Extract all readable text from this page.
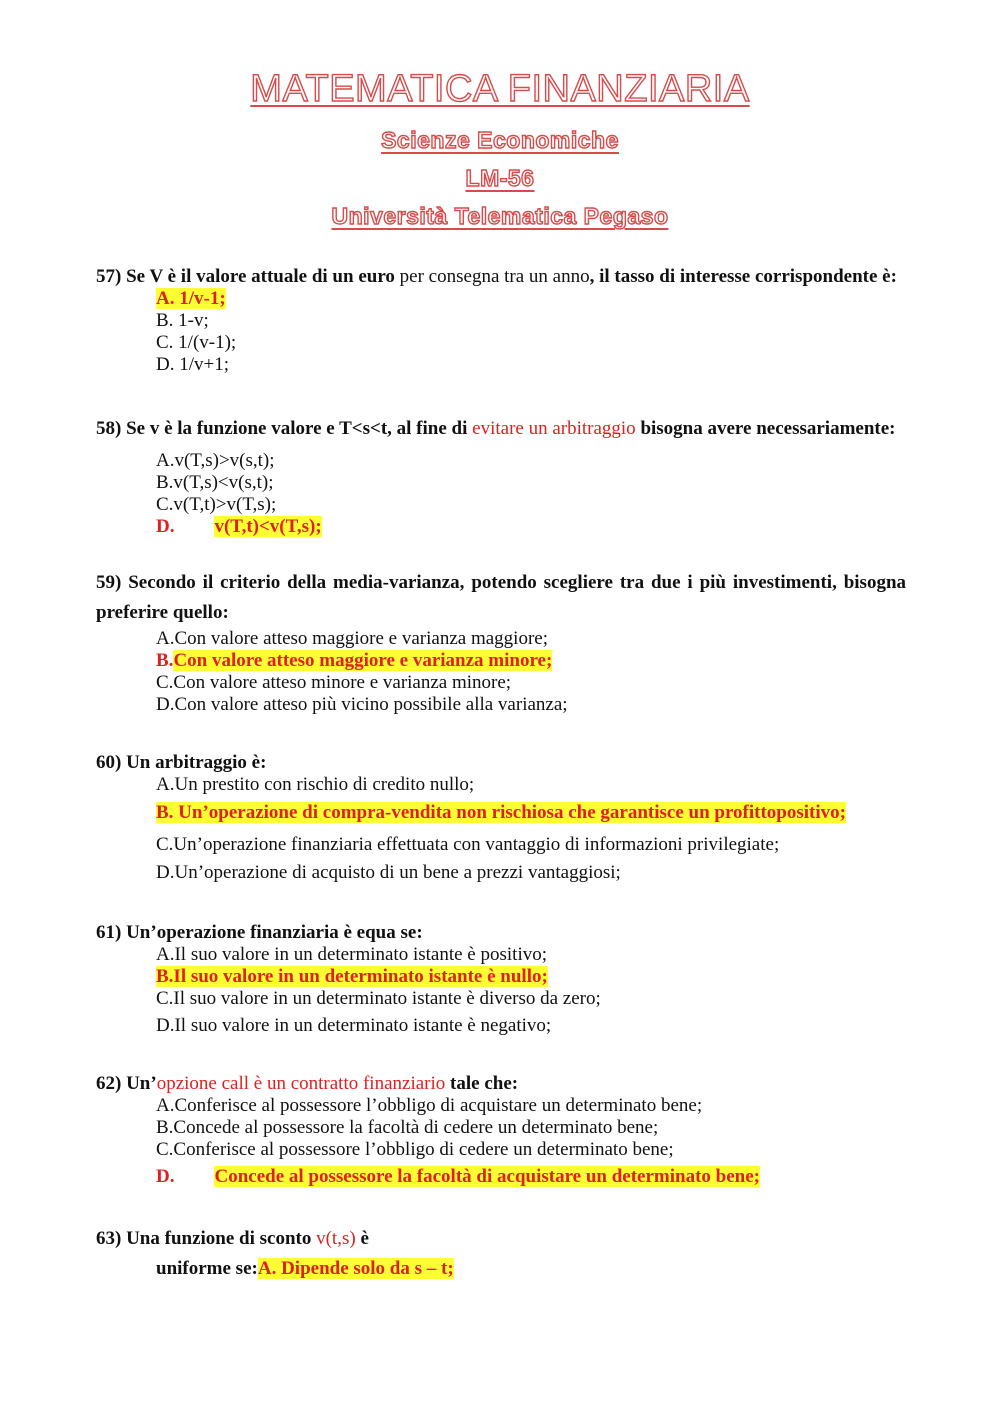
MATEMATICA FINANZIARIA
Scienze Economiche
LM-56
Università Telematica Pegaso
57) Se V è il valore attuale di un euro per consegna tra un anno, il tasso di interesse corrispondente è:
A. 1/v-1;
B. 1-v;
C. 1/(v-1);
D. 1/v+1;
58) Se v è la funzione valore e T<s<t, al fine di evitare un arbitraggio bisogna avere necessariamente:
A.v(T,s)>v(s,t);
B.v(T,s)<v(s,t);
C.v(T,t)>v(T,s);
D. v(T,t)<v(T,s);
59) Secondo il criterio della media-varianza, potendo scegliere tra due i più investimenti, bisogna preferire quello:
A.Con valore atteso maggiore e varianza maggiore;
B.Con valore atteso maggiore e varianza minore;
C.Con valore atteso minore e varianza minore;
D.Con valore atteso più vicino possibile alla varianza;
60) Un arbitraggio è:
A.Un prestito con rischio di credito nullo;
B. Un’operazione di compra-vendita non rischiosa che garantisce un profittopositivo;
C.Un’operazione finanziaria effettuata con vantaggio di informazioni privilegiate;
D.Un’operazione di acquisto di un bene a prezzi vantaggiosi;
61) Un’operazione finanziaria è equa se:
A.Il suo valore in un determinato istante è positivo;
B.Il suo valore in un determinato istante è nullo;
C.Il suo valore in un determinato istante è diverso da zero;
D.Il suo valore in un determinato istante è negativo;
62) Un’opzione call è un contratto finanziario tale che:
A.Conferisce al possessore l’obbligo di acquistare un determinato bene;
B.Concede al possessore la facoltà di cedere un determinato bene;
C.Conferisce al possessore l’obbligo di cedere un determinato bene;
D. Concede al possessore la facoltà di acquistare un determinato bene;
63) Una funzione di sconto v(t,s) è
uniforme se:A. Dipende solo da s – t;
